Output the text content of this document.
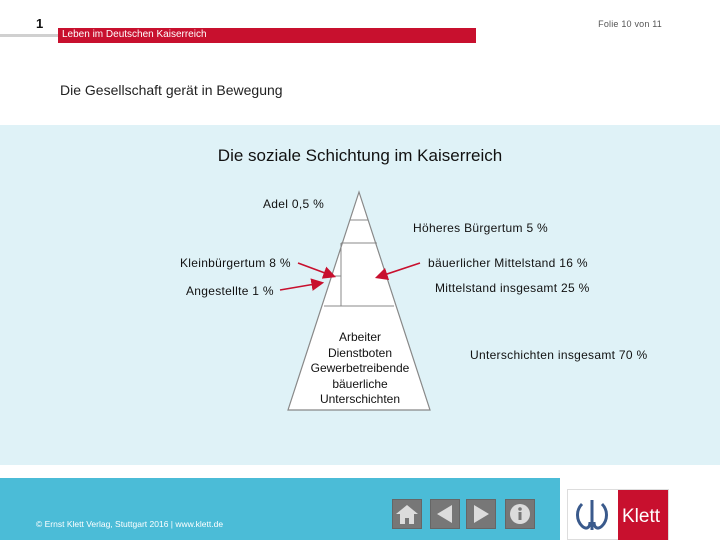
1	Folie 10 von 11
Leben im Deutschen Kaiserreich
Die Gesellschaft gerät in Bewegung
Die soziale Schichtung im Kaiserreich
Adel 0,5 %
Höheres Bürgertum 5 %
Kleinbürgertum 8 %	bäuerlicher Mittelstand 16 %
Angestellte 1 %	Mittelstand insgesamt 25 %
Unterschichten insgesamt 70 %
Arbeiter
Dienstboten
Gewerbetreibende
bäuerliche
Unterschichten
© Ernst Klett Verlag, Stuttgart 2016 | www.klett.de	Klett
